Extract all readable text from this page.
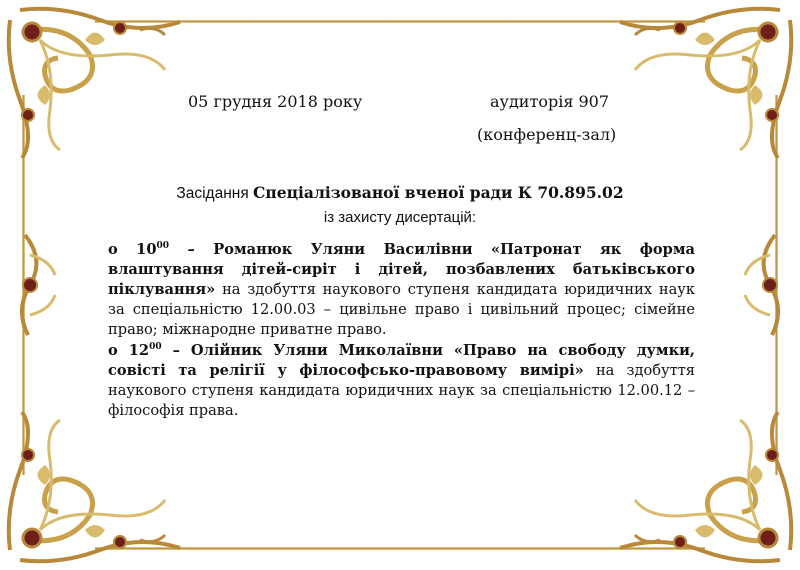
05 грудня 2018 року	аудиторія 907
(конференц-зал)
Засідання Спеціалізованої вченої ради К 70.895.02
із захисту дисертацій:
о $10^{00}$ – Романюк Уляни Василівни «Патронат як форма влаштування дітей-сиріт і дітей, позбавлених батьківського піклування» на здобуття наукового ступеня кандидата юридичних наук за спеціальністю 12.00.03 – цивільне право і цивільний процес; сімейне право; міжнародне приватне право.
о $12^{00}$ – Олійник Уляни Миколаївни «Право на свободу думки, совісті та релігії у філософсько-правовому вимірі» на здобуття наукового ступеня кандидата юридичних наук за спеціальністю 12.00.12 – філософія права.
